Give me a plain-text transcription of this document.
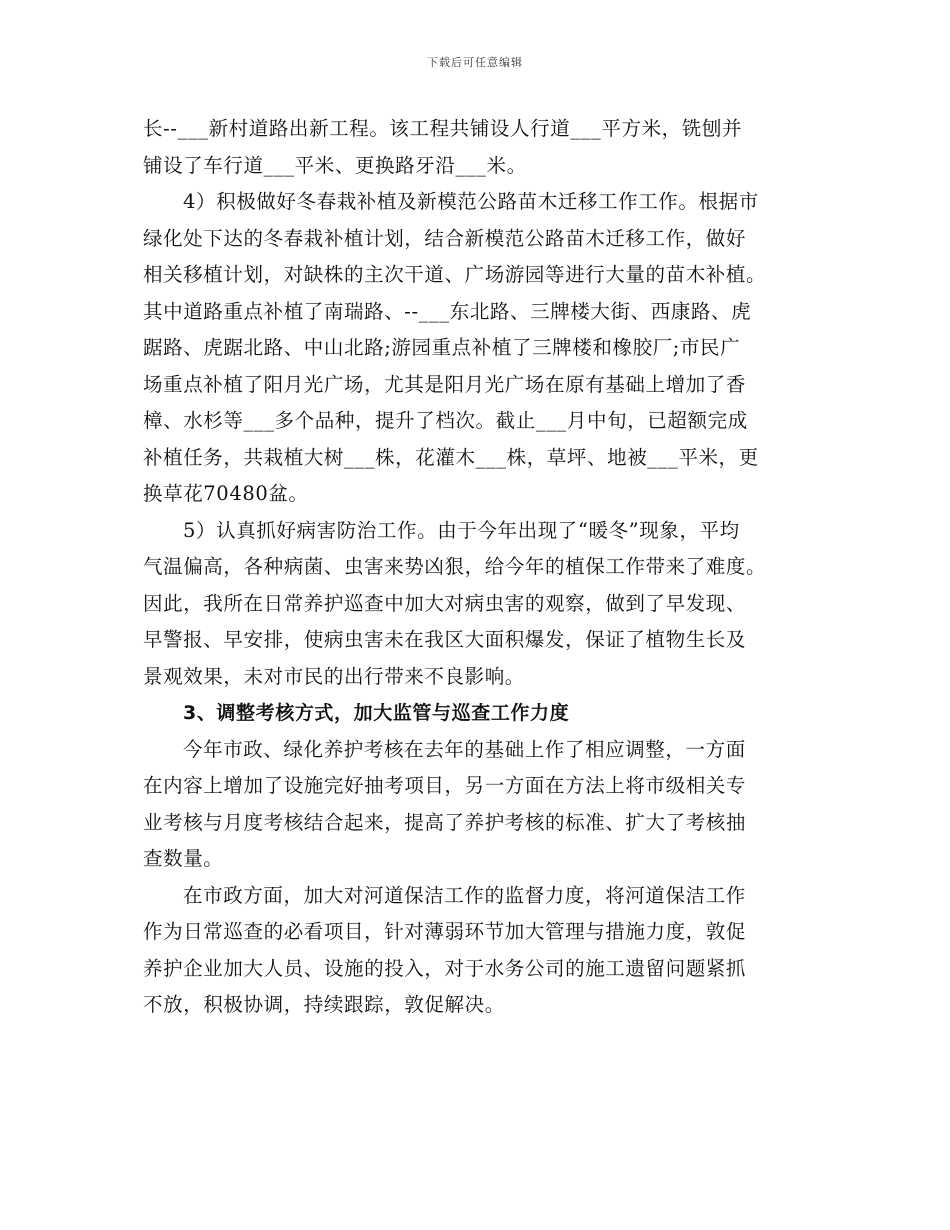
下载后可任意编辑
长--___新村道路出新工程。该工程共铺设人行道___平方米，铣刨并
铺设了车行道___平米、更换路牙沿___米。
4）积极做好冬春栽补植及新模范公路苗木迁移工作工作。根据市
绿化处下达的冬春栽补植计划，结合新模范公路苗木迁移工作，做好
相关移植计划，对缺株的主次干道、广场游园等进行大量的苗木补植。
其中道路重点补植了南瑞路、--___东北路、三牌楼大街、西康路、虎
踞路、虎踞北路、中山北路;游园重点补植了三牌楼和橡胶厂;市民广
场重点补植了阳月光广场，尤其是阳月光广场在原有基础上增加了香
樟、水杉等___多个品种，提升了档次。截止___月中旬，已超额完成
补植任务，共栽植大树___株，花灌木___株，草坪、地被___平米，更
换草花70480盆。
5）认真抓好病害防治工作。由于今年出现了“暖冬”现象，平均
气温偏高，各种病菌、虫害来势凶狠，给今年的植保工作带来了难度。
因此，我所在日常养护巡查中加大对病虫害的观察，做到了早发现、
早警报、早安排，使病虫害未在我区大面积爆发，保证了植物生长及
景观效果，未对市民的出行带来不良影响。
3、调整考核方式，加大监管与巡查工作力度
今年市政、绿化养护考核在去年的基础上作了相应调整，一方面
在内容上增加了设施完好抽考项目，另一方面在方法上将市级相关专
业考核与月度考核结合起来，提高了养护考核的标准、扩大了考核抽
查数量。
在市政方面，加大对河道保洁工作的监督力度，将河道保洁工作
作为日常巡查的必看项目，针对薄弱环节加大管理与措施力度，敦促
养护企业加大人员、设施的投入，对于水务公司的施工遗留问题紧抓
不放，积极协调，持续跟踪，敦促解决。
